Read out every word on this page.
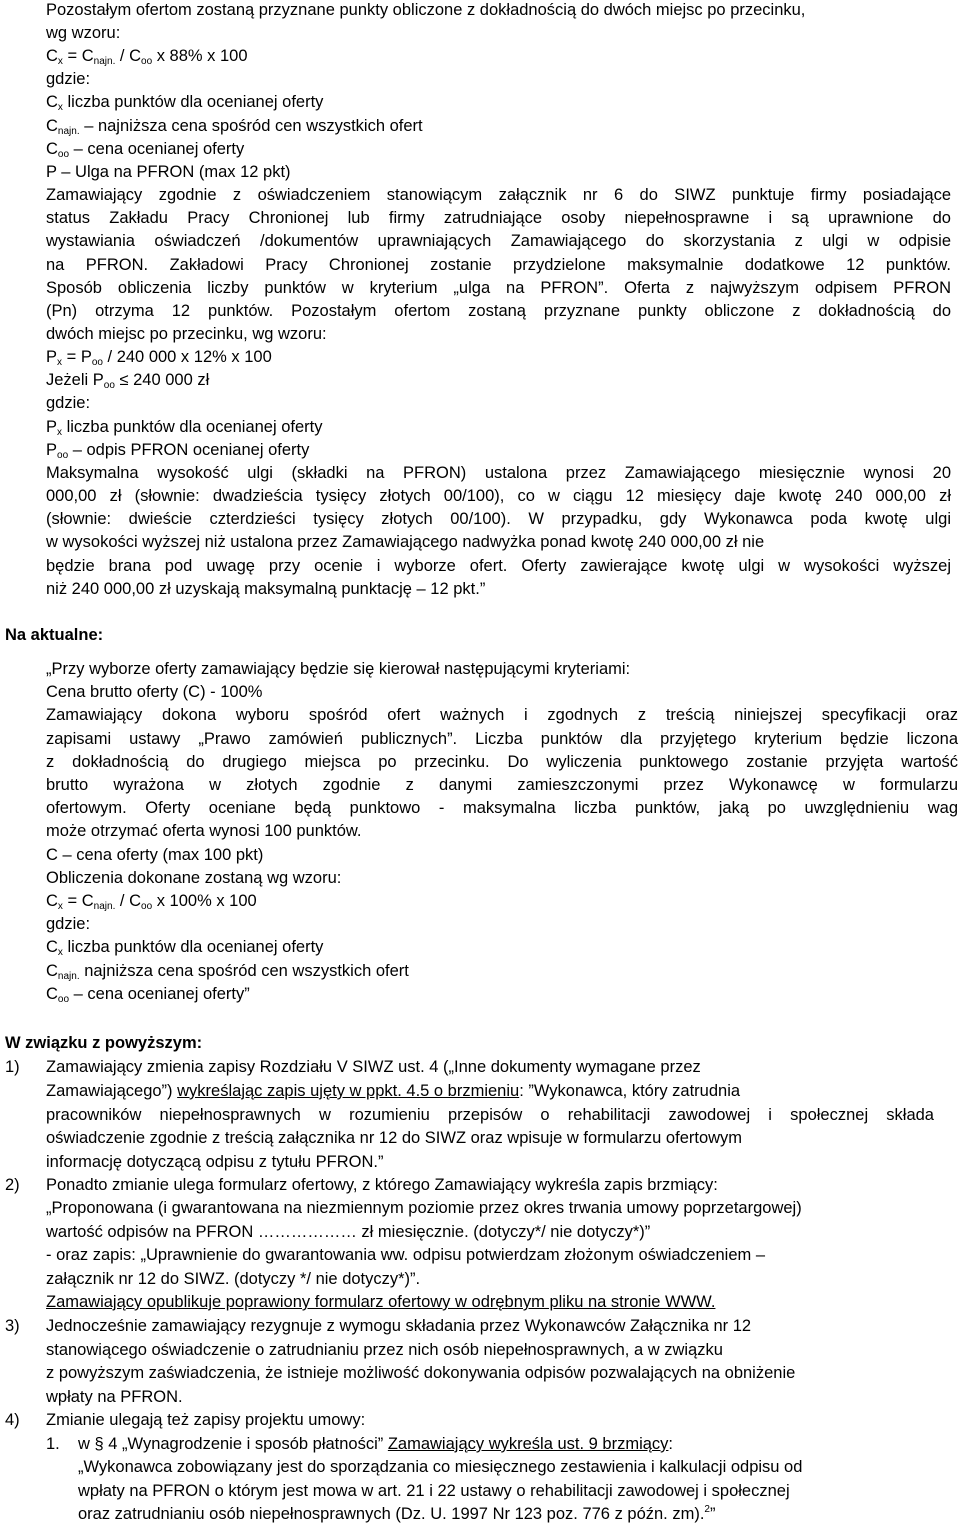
Pozostałym ofertom zostaną przyznane punkty obliczone z dokładnością do dwóch miejsc po przecinku,
wg wzoru:
$C_x = C_{najn.} / C_{oo}$ x 88% x 100
gdzie:
$C_x$ liczba punktów dla ocenianej oferty
$C_{najn.}$ – najniższa cena spośród cen wszystkich ofert
$C_{oo}$ – cena ocenianej oferty
P – Ulga na PFRON (max 12 pkt)
Zamawiający zgodnie z oświadczeniem stanowiącym załącznik nr 6 do SIWZ punktuje firmy posiadające
status Zakładu Pracy Chronionej lub firmy zatrudniające osoby niepełnosprawne i są uprawnione do
wystawiania oświadczeń /dokumentów uprawniających Zamawiającego do skorzystania z ulgi w odpisie
na PFRON. Zakładowi Pracy Chronionej zostanie przydzielone maksymalnie dodatkowe 12 punktów.
Sposób obliczenia liczby punktów w kryterium „ulga na PFRON”. Oferta z najwyższym odpisem PFRON
(Pn) otrzyma 12 punktów. Pozostałym ofertom zostaną przyznane punkty obliczone z dokładnością do
dwóch miejsc po przecinku, wg wzoru:
$P_x = P_{oo} / 240$ 000 x 12% x 100
Jeżeli $P_{oo} \le 240$ 000 zł
gdzie:
$P_x$ liczba punktów dla ocenianej oferty
$P_{oo}$ – odpis PFRON ocenianej oferty
Maksymalna wysokość ulgi (składki na PFRON) ustalona przez Zamawiającego miesięcznie wynosi 20
000,00 zł (słownie: dwadzieścia tysięcy złotych 00/100), co w ciągu 12 miesięcy daje kwotę 240 000,00 zł
(słownie: dwieście czterdzieści tysięcy złotych 00/100). W przypadku, gdy Wykonawca poda kwotę ulgi
w wysokości wyższej niż ustalona przez Zamawiającego nadwyżka ponad kwotę 240 000,00 zł nie
będzie brana pod uwagę przy ocenie i wyborze ofert. Oferty zawierające kwotę ulgi w wysokości wyższej
niż 240 000,00 zł uzyskają maksymalną punktację – 12 pkt.”
Na aktualne:
„Przy wyborze oferty zamawiający będzie się kierował następującymi kryteriami:
Cena brutto oferty (C) - 100%
Zamawiający dokona wyboru spośród ofert ważnych i zgodnych z treścią niniejszej specyfikacji oraz
zapisami ustawy „Prawo zamówień publicznych”. Liczba punktów dla przyjętego kryterium będzie liczona
z dokładnością do drugiego miejsca po przecinku. Do wyliczenia punktowego zostanie przyjęta wartość
brutto wyrażona w złotych zgodnie z danymi zamieszczonymi przez Wykonawcę w formularzu
ofertowym. Oferty oceniane będą punktowo - maksymalna liczba punktów, jaką po uwzględnieniu wag
może otrzymać oferta wynosi 100 punktów.
C – cena oferty (max 100 pkt)
Obliczenia dokonane zostaną wg wzoru:
$C_x = C_{najn.} / C_{oo}$ x 100% x 100
gdzie:
$C_x$ liczba punktów dla ocenianej oferty
$C_{najn.}$ najniższa cena spośród cen wszystkich ofert
$C_{oo}$ – cena ocenianej oferty”
W związku z powyższym:
1)	Zamawiający zmienia zapisy Rozdziału V SIWZ ust. 4 („Inne dokumenty wymagane przez
Zamawiającego”) wykreślając zapis ujęty w ppkt. 4.5 o brzmieniu: ”Wykonawca, który zatrudnia
pracowników niepełnosprawnych w rozumieniu przepisów o rehabilitacji zawodowej i społecznej składa
oświadczenie zgodnie z treścią załącznika nr 12 do SIWZ oraz wpisuje w formularzu ofertowym
informację dotyczącą odpisu z tytułu PFRON.”
2)	Ponadto zmianie ulega formularz ofertowy, z którego Zamawiający wykreśla zapis brzmiący:
„Proponowana (i gwarantowana na niezmiennym poziomie przez okres trwania umowy poprzetargowej)
wartość odpisów na PFRON ……………… zł miesięcznie. (dotyczy*/ nie dotyczy*)”
- oraz zapis: „Uprawnienie do gwarantowania ww. odpisu potwierdzam złożonym oświadczeniem –
załącznik nr 12 do SIWZ. (dotyczy */ nie dotyczy*)”.
Zamawiający opublikuje poprawiony formularz ofertowy w odrębnym pliku na stronie WWW.
3)	Jednocześnie zamawiający rezygnuje z wymogu składania przez Wykonawców Załącznika nr 12
stanowiącego oświadczenie o zatrudnianiu przez nich osób niepełnosprawnych, a w związku
z powyższym zaświadczenia, że istnieje możliwość dokonywania odpisów pozwalających na obniżenie
wpłaty na PFRON.
4)	Zmianie ulegają też zapisy projektu umowy:
1. w § 4 „Wynagrodzenie i sposób płatności” Zamawiający wykreśla ust. 9 brzmiący:
„Wykonawca zobowiązany jest do sporządzania co miesięcznego zestawienia i kalkulacji odpisu od
wpłaty na PFRON o którym jest mowa w art. 21 i 22 ustawy o rehabilitacji zawodowej i społecznej
oraz zatrudnianiu osób niepełnosprawnych (Dz. U. 1997 Nr 123 poz. 776 z późn. zm).$^2$”
